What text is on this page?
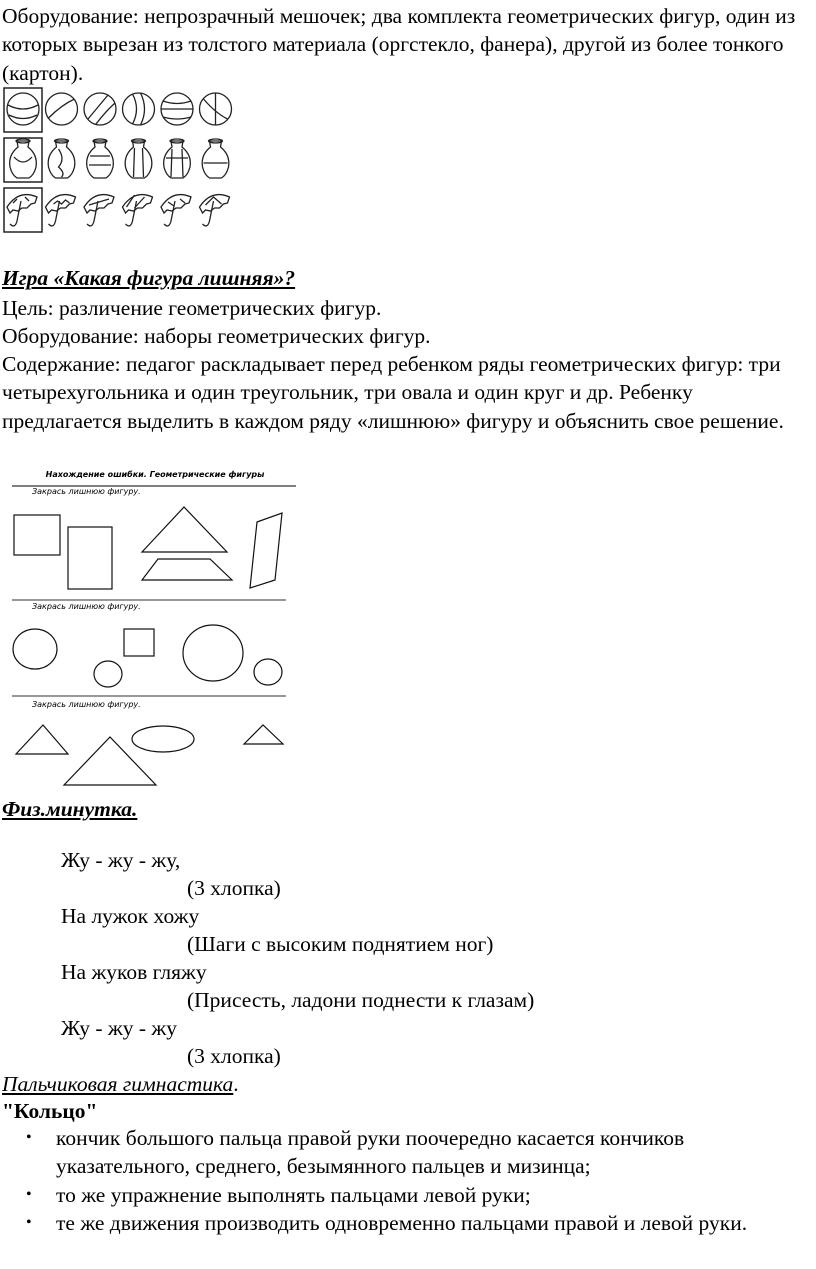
Оборудование: непрозрачный мешочек; два комплекта геометрических фигур, один из которых вырезан из толстого материала (оргстекло, фанера), другой из более тонкого (картон).

Игра «Какая фигура лишняя»?

Цель: различение геометрических фигур.

Оборудование: наборы геометрических фигур.

Содержание: педагог раскладывает перед ребенком ряды геометрических фигур: три четырехугольника и один треугольник, три овала и один круг и др. Ребенку предлагается выделить в каждом ряду «лишнюю» фигуру и объяснить свое решение.

Нахождение ошибки. Геометрические фигуры
Закрась лишнюю фигуру.
Закрась лишнюю фигуру.
Закрась лишнюю фигуру.
Физ.минутка.
Жу - жу - жу,
(3 хлопка)
На лужок хожу
(Шаги с высоким поднятием ног)
На жуков гляжу
(Присесть, ладони поднести к глазам)
Жу - жу - жу
(3 хлопка)
Пальчиковая гимнастика.
"Кольцо"
• кончик большого пальца правой руки поочередно касается кончиков указательного, среднего, безымянного пальцев и мизинца;
• то же упражнение выполнять пальцами левой руки;
• те же движения производить одновременно пальцами правой и левой руки.
